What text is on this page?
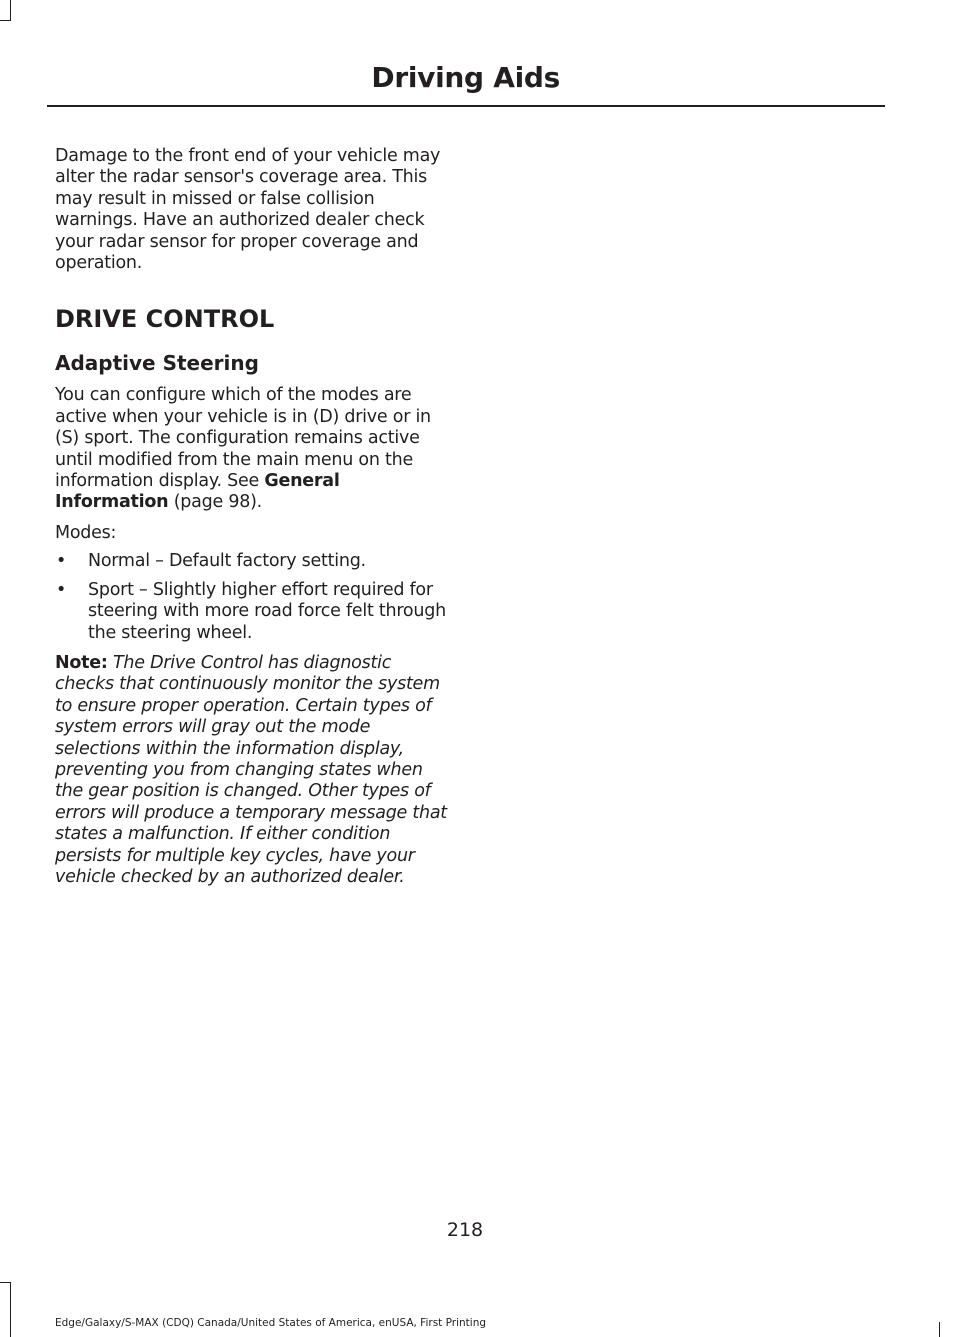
Driving Aids

Damage to the front end of your vehicle may alter the radar sensor's coverage area. This may result in missed or false collision warnings. Have an authorized dealer check your radar sensor for proper coverage and operation.

DRIVE CONTROL
Adaptive Steering

You can configure which of the modes are active when your vehicle is in (D) drive or in (S) sport. The configuration remains active until modified from the main menu on the information display. See General Information (page 98).

Modes:

• Normal – Default factory setting.
• Sport – Slightly higher effort required for steering with more road force felt through the steering wheel.

Note: The Drive Control has diagnostic checks that continuously monitor the system to ensure proper operation. Certain types of system errors will gray out the mode selections within the information display, preventing you from changing states when the gear position is changed. Other types of errors will produce a temporary message that states a malfunction. If either condition persists for multiple key cycles, have your vehicle checked by an authorized dealer.

218
Edge/Galaxy/S-MAX (CDQ) Canada/United States of America, enUSA, First Printing
